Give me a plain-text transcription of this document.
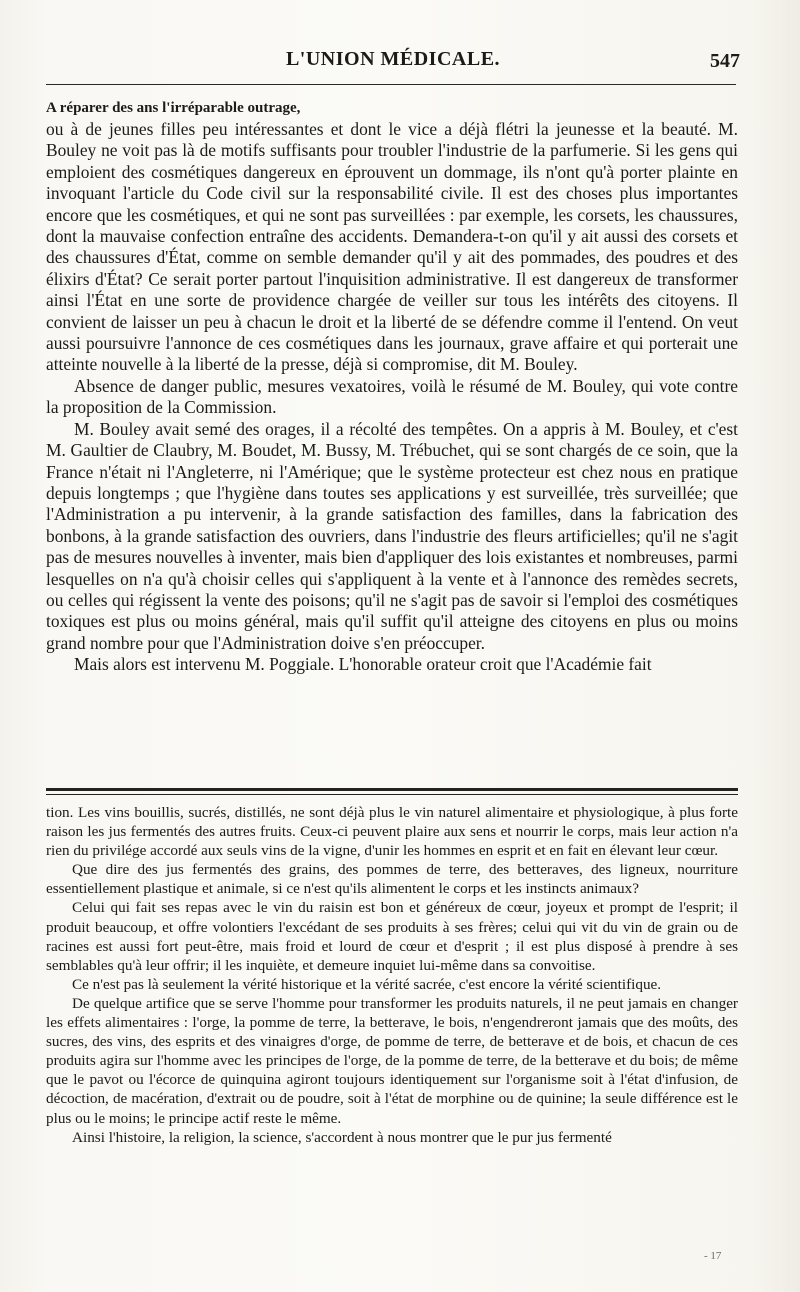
L'UNION MÉDICALE.	547

A réparer des ans l'irréparable outrage,

ou à de jeunes filles peu intéressantes et dont le vice a déjà flétri la jeunesse et la beauté. M. Bouley ne voit pas là de motifs suffisants pour troubler l'industrie de la parfumerie. Si les gens qui emploient des cosmétiques dangereux en éprouvent un dommage, ils n'ont qu'à porter plainte en invoquant l'article du Code civil sur la responsabilité civile. Il est des choses plus importantes encore que les cosmétiques, et qui ne sont pas surveillées : par exemple, les corsets, les chaussures, dont la mauvaise confection entraîne des accidents. Demandera-t-on qu'il y ait aussi des corsets et des chaussures d'État, comme on semble demander qu'il y ait des pommades, des poudres et des élixirs d'État? Ce serait porter partout l'inquisition administrative. Il est dangereux de transformer ainsi l'État en une sorte de providence chargée de veiller sur tous les intérêts des citoyens. Il convient de laisser un peu à chacun le droit et la liberté de se défendre comme il l'entend. On veut aussi poursuivre l'annonce de ces cosmétiques dans les journaux, grave affaire et qui porterait une atteinte nouvelle à la liberté de la presse, déjà si compromise, dit M. Bouley.

Absence de danger public, mesures vexatoires, voilà le résumé de M. Bouley, qui vote contre la proposition de la Commission.

M. Bouley avait semé des orages, il a récolté des tempêtes. On a appris à M. Bouley, et c'est M. Gaultier de Claubry, M. Boudet, M. Bussy, M. Trébuchet, qui se sont chargés de ce soin, que la France n'était ni l'Angleterre, ni l'Amérique; que le système protecteur est chez nous en pratique depuis longtemps ; que l'hygiène dans toutes ses applications y est surveillée, très surveillée; que l'Administration a pu intervenir, à la grande satisfaction des familles, dans la fabrication des bonbons, à la grande satisfaction des ouvriers, dans l'industrie des fleurs artificielles; qu'il ne s'agit pas de mesures nouvelles à inventer, mais bien d'appliquer des lois existantes et nombreuses, parmi lesquelles on n'a qu'à choisir celles qui s'appliquent à la vente et à l'annonce des remèdes secrets, ou celles qui régissent la vente des poisons; qu'il ne s'agit pas de savoir si l'emploi des cosmétiques toxiques est plus ou moins général, mais qu'il suffit qu'il atteigne des citoyens en plus ou moins grand nombre pour que l'Administration doive s'en préoccuper.

Mais alors est intervenu M. Poggiale. L'honorable orateur croit que l'Académie fait

tion. Les vins bouillis, sucrés, distillés, ne sont déjà plus le vin naturel alimentaire et physiologique, à plus forte raison les jus fermentés des autres fruits. Ceux-ci peuvent plaire aux sens et nourrir le corps, mais leur action n'a rien du privilége accordé aux seuls vins de la vigne, d'unir les hommes en esprit et en fait en élevant leur cœur.

Que dire des jus fermentés des grains, des pommes de terre, des betteraves, des ligneux, nourriture essentiellement plastique et animale, si ce n'est qu'ils alimentent le corps et les instincts animaux?

Celui qui fait ses repas avec le vin du raisin est bon et généreux de cœur, joyeux et prompt de l'esprit; il produit beaucoup, et offre volontiers l'excédant de ses produits à ses frères; celui qui vit du vin de grain ou de racines est aussi fort peut-être, mais froid et lourd de cœur et d'esprit ; il est plus disposé à prendre à ses semblables qu'à leur offrir; il les inquiète, et demeure inquiet lui-même dans sa convoitise.

Ce n'est pas là seulement la vérité historique et la vérité sacrée, c'est encore la vérité scientifique.

De quelque artifice que se serve l'homme pour transformer les produits naturels, il ne peut jamais en changer les effets alimentaires : l'orge, la pomme de terre, la betterave, le bois, n'engendreront jamais que des moûts, des sucres, des vins, des esprits et des vinaigres d'orge, de pomme de terre, de betterave et de bois, et chacun de ces produits agira sur l'homme avec les principes de l'orge, de la pomme de terre, de la betterave et du bois; de même que le pavot ou l'écorce de quinquina agiront toujours identiquement sur l'organisme soit à l'état d'infusion, de décoction, de macération, d'extrait ou de poudre, soit à l'état de morphine ou de quinine; la seule différence est le plus ou le moins; le principe actif reste le même.

Ainsi l'histoire, la religion, la science, s'accordent à nous montrer que le pur jus fermenté

- 17
